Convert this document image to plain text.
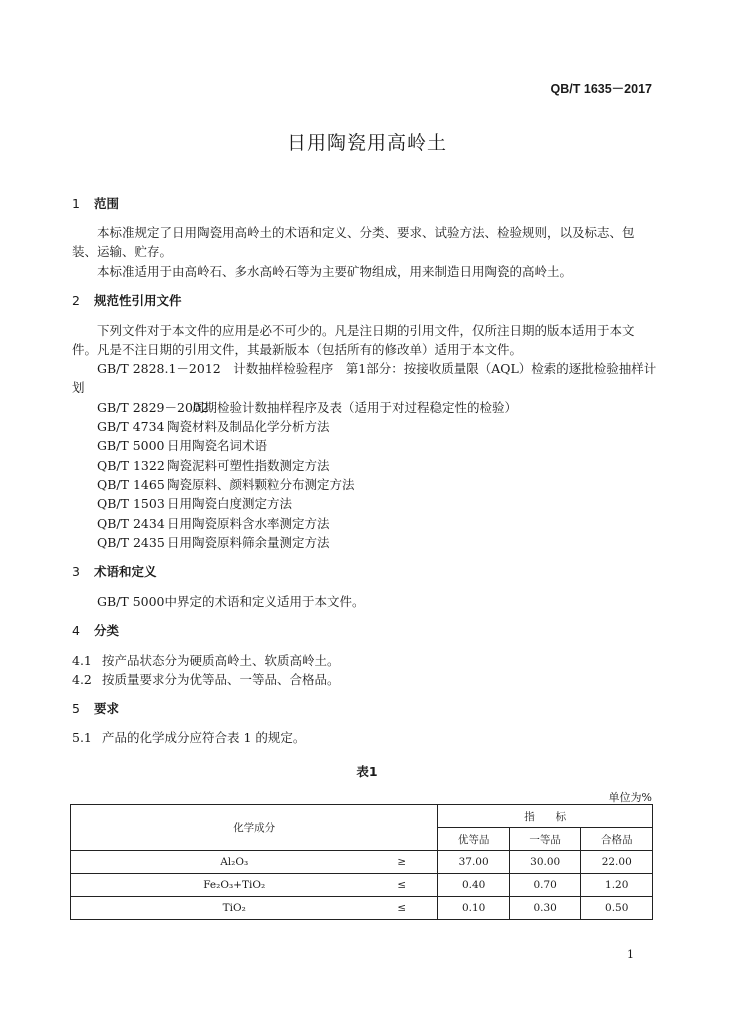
QB/T 1635－2017
日用陶瓷用高岭土
1 范围
本标准规定了日用陶瓷用高岭土的术语和定义、分类、要求、试验方法、检验规则，以及标志、包
装、运输、贮存。
本标准适用于由高岭石、多水高岭石等为主要矿物组成，用来制造日用陶瓷的高岭土。
2 规范性引用文件
下列文件对于本文件的应用是必不可少的。凡是注日期的引用文件，仅所注日期的版本适用于本文
件。凡是不注日期的引用文件，其最新版本（包括所有的修改单）适用于本文件。
GB/T 2828.1－2012　计数抽样检验程序　第1部分：按接收质量限（AQL）检索的逐批检验抽样计
划
GB/T 2829－2002周期检验计数抽样程序及表（适用于对过程稳定性的检验）
GB/T 4734 陶瓷材料及制品化学分析方法
GB/T 5000 日用陶瓷名词术语
QB/T 1322 陶瓷泥料可塑性指数测定方法
QB/T 1465 陶瓷原料、颜料颗粒分布测定方法
QB/T 1503 日用陶瓷白度测定方法
QB/T 2434 日用陶瓷原料含水率测定方法
QB/T 2435 日用陶瓷原料筛余量测定方法
3 术语和定义
GB/T 5000中界定的术语和定义适用于本文件。
4 分类
4.1 按产品状态分为硬质高岭土、软质高岭土。
4.2 按质量要求分为优等品、一等品、合格品。
5 要求
5.1 产品的化学成分应符合表 1 的规定。
表1
单位为%
化学成分		指　　标		
		优等品	一等品	合格品
Al₂O₃	≥	37.00	30.00	22.00
Fe₂O₃+TiO₂	≤	0.40	0.70	1.20
TiO₂	≤	0.10	0.30	0.50
1
